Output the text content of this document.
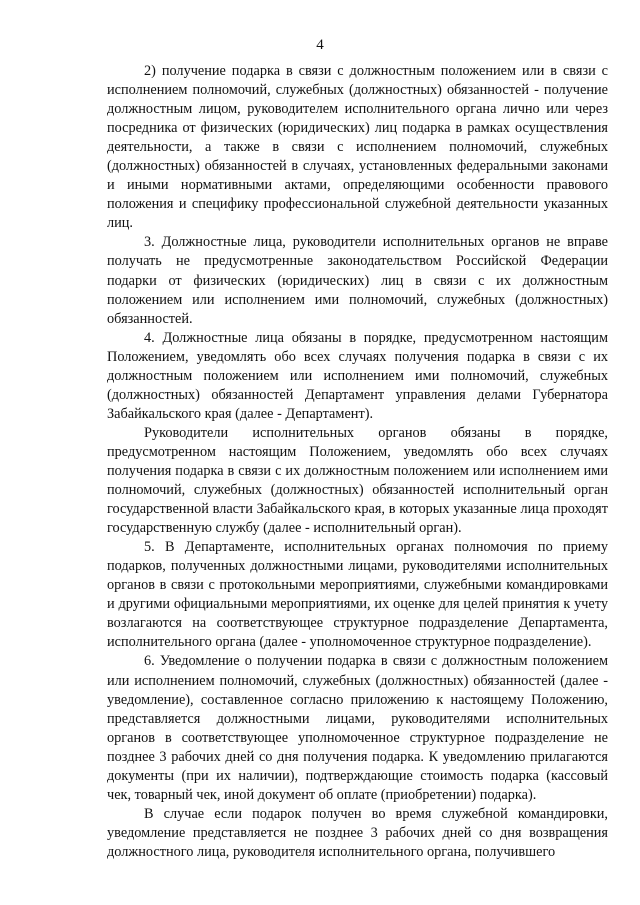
4

2) получение подарка в связи с должностным положением или в связи с исполнением полномочий, служебных (должностных) обязанностей - получение должностным лицом, руководителем исполнительного органа лично или через посредника от физических (юридических) лиц подарка в рамках осуществления деятельности, а также в связи с исполнением полномочий, служебных (должностных) обязанностей в случаях, установленных федеральными законами и иными нормативными актами, определяющими особенности правового положения и специфику профессиональной служебной деятельности указанных лиц.

3. Должностные лица, руководители исполнительных органов не вправе получать не предусмотренные законодательством Российской Федерации подарки от физических (юридических) лиц в связи с их должностным положением или исполнением ими полномочий, служебных (должностных) обязанностей.

4. Должностные лица обязаны в порядке, предусмотренном настоящим Положением, уведомлять обо всех случаях получения подарка в связи с их должностным положением или исполнением ими полномочий, служебных (должностных) обязанностей Департамент управления делами Губернатора Забайкальского края (далее - Департамент).

Руководители исполнительных органов обязаны в порядке, предусмотренном настоящим Положением, уведомлять обо всех случаях получения подарка в связи с их должностным положением или исполнением ими полномочий, служебных (должностных) обязанностей исполнительный орган государственной власти Забайкальского края, в которых указанные лица проходят государственную службу (далее - исполнительный орган).

5. В Департаменте, исполнительных органах полномочия по приему подарков, полученных должностными лицами, руководителями исполнительных органов в связи с протокольными мероприятиями, служебными командировками и другими официальными мероприятиями, их оценке для целей принятия к учету возлагаются на соответствующее структурное подразделение Департамента, исполнительного органа (далее - уполномоченное структурное подразделение).

6. Уведомление о получении подарка в связи с должностным положением или исполнением полномочий, служебных (должностных) обязанностей (далее - уведомление), составленное согласно приложению к настоящему Положению, представляется должностными лицами, руководителями исполнительных органов в соответствующее уполномоченное структурное подразделение не позднее 3 рабочих дней со дня получения подарка. К уведомлению прилагаются документы (при их наличии), подтверждающие стоимость подарка (кассовый чек, товарный чек, иной документ об оплате (приобретении) подарка).

В случае если подарок получен во время служебной командировки, уведомление представляется не позднее 3 рабочих дней со дня возвращения должностного лица, руководителя исполнительного органа, получившего
